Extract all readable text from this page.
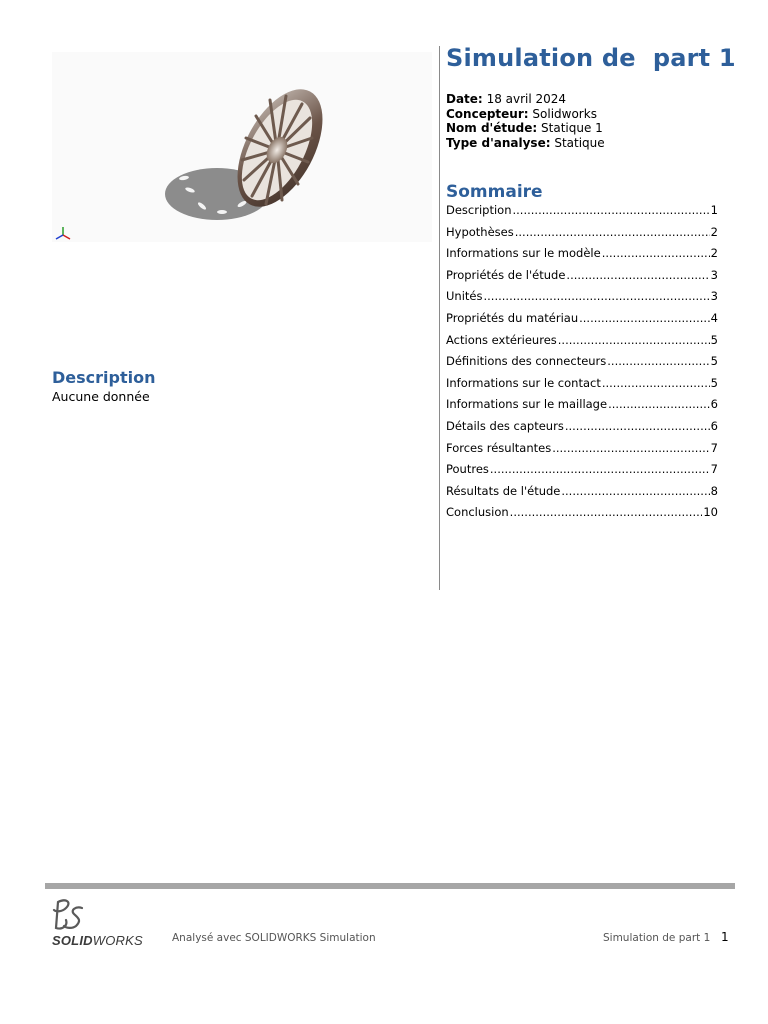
Simulation de  part 1
Date: 18 avril 2024
Concepteur: Solidworks
Nom d'étude: Statique 1
Type d'analyse: Statique
Sommaire
Description .....	1
Hypothèses .....	2
Informations sur le modèle .....	2
Propriétés de l'étude .....	3
Unités .....	3
Propriétés du matériau .....	4
Actions extérieures .....	5
Définitions des connecteurs .....	5
Informations sur le contact .....	5
Informations sur le maillage .....	6
Détails des capteurs .....	6
Forces résultantes .....	7
Poutres .....	7
Résultats de l'étude .....	8
Conclusion .....	10
Description
Aucune donnée
SOLIDWORKS	Analysé avec SOLIDWORKS Simulation	Simulation de part 1 1
